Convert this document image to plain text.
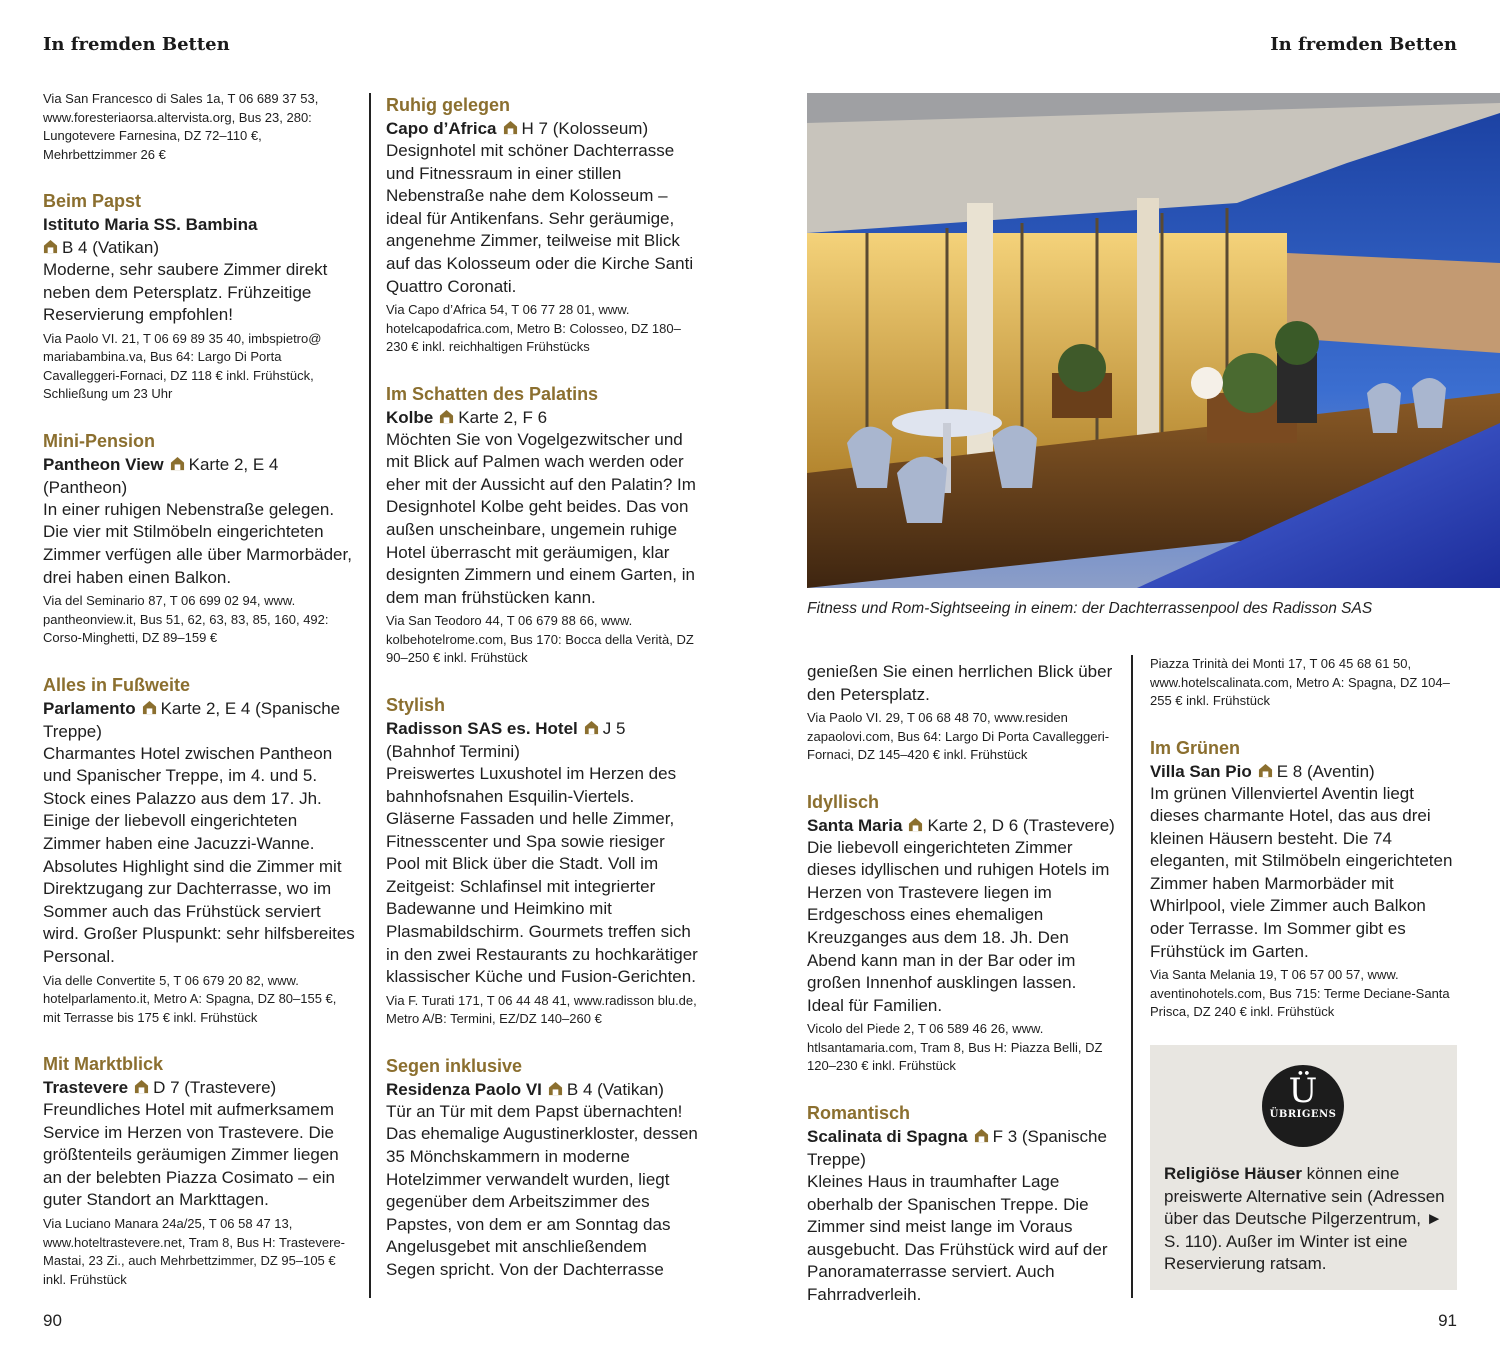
In fremden Betten	In fremden Betten
Via San Francesco di Sales 1a, T 06 689 37 53, www.foresteriaorsa.altervista.org, Bus 23, 280: Lungotevere Farnesina, DZ 72–110 €, Mehrbettzimmer 26 €
Beim Papst
Istituto Maria SS. Bambina
B 4 (Vatikan)
Moderne, sehr saubere Zimmer direkt neben dem Petersplatz. Frühzeitige Reservierung empfohlen!
Via Paolo VI. 21, T 06 69 89 35 40, imbspietro@ mariabambina.va, Bus 64: Largo Di Porta Cavalleggeri-Fornaci, DZ 118 € inkl. Frühstück, Schließung um 23 Uhr
Mini-Pension
Pantheon View Karte 2, E 4 (Pantheon)
In einer ruhigen Nebenstraße gelegen. Die vier mit Stilmöbeln eingerichteten Zimmer verfügen alle über Marmorbäder, drei haben einen Balkon.
Via del Seminario 87, T 06 699 02 94, www. pantheonview.it, Bus 51, 62, 63, 83, 85, 160, 492: Corso-Minghetti, DZ 89–159 €
Alles in Fußweite
Parlamento Karte 2, E 4 (Spanische Treppe)
Charmantes Hotel zwischen Pantheon und Spanischer Treppe, im 4. und 5. Stock eines Palazzo aus dem 17. Jh. Einige der liebevoll eingerichteten Zimmer haben eine Jacuzzi-Wanne. Absolutes Highlight sind die Zimmer mit Direktzugang zur Dachterrasse, wo im Sommer auch das Frühstück serviert wird. Großer Pluspunkt: sehr hilfsbereites Personal.
Via delle Convertite 5, T 06 679 20 82, www. hotelparlamento.it, Metro A: Spagna, DZ 80–155 €, mit Terrasse bis 175 € inkl. Frühstück
Mit Marktblick
Trastevere D 7 (Trastevere)
Freundliches Hotel mit aufmerksamem Service im Herzen von Trastevere. Die größtenteils geräumigen Zimmer liegen an der belebten Piazza Cosimato – ein guter Standort an Markttagen.
Via Luciano Manara 24a/25, T 06 58 47 13, www.hoteltrastevere.net, Tram 8, Bus H: Trastevere-Mastai, 23 Zi., auch Mehrbettzimmer, DZ 95–105 € inkl. Frühstück
Ruhig gelegen
Capo d’Africa H 7 (Kolosseum)
Designhotel mit schöner Dachterrasse und Fitnessraum in einer stillen Nebenstraße nahe dem Kolosseum – ideal für Antikenfans. Sehr geräumige, angenehme Zimmer, teilweise mit Blick auf das Kolosseum oder die Kirche Santi Quattro Coronati.
Via Capo d’Africa 54, T 06 77 28 01, www. hotelcapodafrica.com, Metro B: Colosseo, DZ 180–230 € inkl. reichhaltigen Frühstücks
Im Schatten des Palatins
Kolbe Karte 2, F 6
Möchten Sie von Vogelgezwitscher und mit Blick auf Palmen wach werden oder eher mit der Aussicht auf den Palatin? Im Designhotel Kolbe geht beides. Das von außen unscheinbare, ungemein ruhige Hotel überrascht mit geräumigen, klar designten Zimmern und einem Garten, in dem man frühstücken kann.
Via San Teodoro 44, T 06 679 88 66, www. kolbehotelrome.com, Bus 170: Bocca della Verità, DZ 90–250 € inkl. Frühstück
Stylish
Radisson SAS es. Hotel J 5 (Bahnhof Termini)
Preiswertes Luxushotel im Herzen des bahnhofsnahen Esquilin-Viertels. Gläserne Fassaden und helle Zimmer, Fitnesscenter und Spa sowie riesiger Pool mit Blick über die Stadt. Voll im Zeitgeist: Schlafinsel mit integrierter Badewanne und Heimkino mit Plasmabildschirm. Gourmets treffen sich in den zwei Restaurants zu hochkarätiger klassischer Küche und Fusion-Gerichten.
Via F. Turati 171, T 06 44 48 41, www.radisson blu.de, Metro A/B: Termini, EZ/DZ 140–260 €
Segen inklusive
Residenza Paolo VI B 4 (Vatikan)
Tür an Tür mit dem Papst übernachten! Das ehemalige Augustinerkloster, dessen 35 Mönchskammern in moderne Hotelzimmer verwandelt wurden, liegt gegenüber dem Arbeitszimmer des Papstes, von dem er am Sonntag das Angelusgebet mit anschließendem Segen spricht. Von der Dachterrasse
Fitness und Rom-Sightseeing in einem: der Dachterrassenpool des Radisson SAS
genießen Sie einen herrlichen Blick über den Petersplatz.
Via Paolo VI. 29, T 06 68 48 70, www.residen zapaolovi.com, Bus 64: Largo Di Porta Cavalleggeri-Fornaci, DZ 145–420 € inkl. Frühstück
Idyllisch
Santa Maria Karte 2, D 6 (Trastevere)
Die liebevoll eingerichteten Zimmer dieses idyllischen und ruhigen Hotels im Herzen von Trastevere liegen im Erdgeschoss eines ehemaligen Kreuzganges aus dem 18. Jh. Den Abend kann man in der Bar oder im großen Innenhof ausklingen lassen. Ideal für Familien.
Vicolo del Piede 2, T 06 589 46 26, www. htlsantamaria.com, Tram 8, Bus H: Piazza Belli, DZ 120–230 € inkl. Frühstück
Romantisch
Scalinata di Spagna F 3 (Spanische Treppe)
Kleines Haus in traumhafter Lage oberhalb der Spanischen Treppe. Die Zimmer sind meist lange im Voraus ausgebucht. Das Frühstück wird auf der Panoramaterrasse serviert. Auch Fahrradverleih.
Piazza Trinità dei Monti 17, T 06 45 68 61 50, www.hotelscalinata.com, Metro A: Spagna, DZ 104–255 € inkl. Frühstück
Im Grünen
Villa San Pio E 8 (Aventin)
Im grünen Villenviertel Aventin liegt dieses charmante Hotel, das aus drei kleinen Häusern besteht. Die 74 eleganten, mit Stilmöbeln eingerichteten Zimmer haben Marmorbäder mit Whirlpool, viele Zimmer auch Balkon oder Terrasse. Im Sommer gibt es Frühstück im Garten.
Via Santa Melania 19, T 06 57 00 57, www. aventinohotels.com, Bus 715: Terme Deciane-Santa Prisca, DZ 240 € inkl. Frühstück
Ü
ÜBRIGENS
Religiöse Häuser können eine preiswerte Alternative sein (Adressen über das Deutsche Pilgerzentrum, ► S. 110). Außer im Winter ist eine Reservierung ratsam.
90	91
